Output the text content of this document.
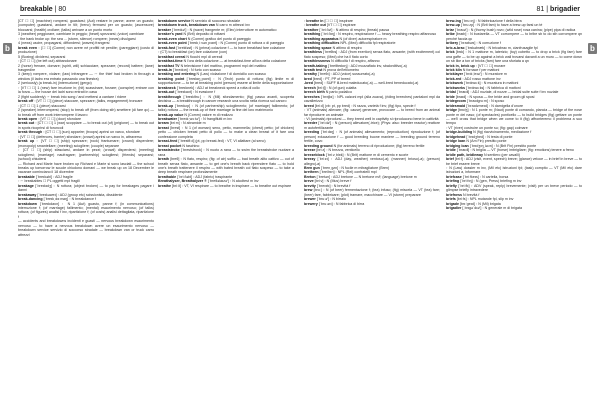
breakable | 80	81 | brigadier
b	b

[CT ☐ ☐] (machine) rompersi, guastarsi; (Aut) restare in panne; avere un guasto; (computer) guastarsi, andare in tilt; (treno) fermarsi per un guasto; (ascensore) bloccarsi; (health) crollare; (talks) arrivare a un punto morto

3 (weather) peggiorare, cambiare in peggio; (heart) spezzarsi; (voice) cambiare

◦ the bank broke up: the sea ... (storm, silence) rompere; (news) divulgarsi

4 (news) uscire, propagarsi, diffondersi; (waves) frangersi

break even ◦ [☐ ☐] (Comm) non avere né profitti né perdite; (pareggiare) (costo di produzione)

5 (Boxing) dividersi, separarsi

◦ [CT ☐ ☐] (be left out) abbandonare

2 (horse) frenare, domare; (spirit, will) schiacciare, spezzare; (record) battere; (lane) trasgredire

3 (keep) rompere, violare; (law) infrangere — ☞ the thief had broken in through a window (il ladro era entrato passando una finestra)

2 (seriously) (a break-in) (interruzione) (gergo)

◦ [VT ☐ ☐] 1 (new) fare irruzione in; (hit) scassinare, forzare; (conspire) entrare con la forza — the house dei ladri sono entrati in casa

2 (fight suddenly) ☞ break into song / and mettersi a cantare / ridere

break off ◦ [VT ☐ ☐] (piece) staccare, spezzare; (talks, engagement) troncare

◦ [CT ☐ ☐] 1 (piece) staccarsi

2 (speaker) interrompersi; (stop) to break off (from doing sth) smettere (di fare qc) — to break off from work interrompere il lavoro

break open ◦ [VT ☐ ☐] (door) sfondare

break out ◦ [CT ☐ ☐] 1 (war) scoppiare — to break out (of) (prigione) — to break out in spots ricoprirsi di foruncoli

break through ◦ [CT ☐ ☐] (sun) apparire; (troops) aprirsi un varco, sfondare

◦ [VT ☐ ☐] (defences, barrier) sfondare; (crowd) aprirsi un varco in, attraverso

break up ◦ [VT ☐ ☐] (ship) spezzare; (rock) frantumare; (crowd) disperdere; (monopoly) smantellare; (meeting) sciogliere; (couple) separare

◦ [CT ☐ ☐] (ship) sfasciarsi, andare in pezzi; (crowd) disperdersi; (meeting) sciogliersi; (marriage) naufragare; (partnership) sciogliersi; (friends) separarsi; (school) chiudersi

— Richard and Marie have broken up Richard e Marie si sono lasciati — the school breaks up tomorrow le scuole chiudono domani — we break up on 18 December le vacanze cominciano il 18 dicembre

breakable [ˈbreɪkəbl] ◦ ADJ fragile

◦ ☞ breakables ☐ PL oggetti mpl fragili

breakage [ˈbreɪkɪdʒ] ◦ N rottura; (object broken) — to pay for breakages pagare i danni

breakaway [ˈbreɪkəweɪ] ◦ ADJ (group etc) scissionista, dissidente

break-dancing [ˈbreɪkˌdɑːnsɪŋ] ◦ N breakdance f

breakdown [ˈbreɪkdaʊn] ◦ N 1 (Aut) guasto, panne f; (in communications) interruzione f; (of marriage) fallimento; (mental) esaurimento nervoso; (of talks) rottura; (of figures) analisi f inv, ripartizione f; (of costs) analisi dettagliata, ripartizione f

— accidents and breakdowns incidenti e guasti — nervous breakdown esaurimento nervoso — to have a nervous breakdown avere un esaurimento nervoso — breakdown service servizio di soccorso stradale — breakdown van or truck carro attrezzi

breakdown service N servizio di soccorso stradale

breakdown truck, breakdown van N carro m attrezzi inv

breaker [ˈbreɪkəʳ] ◦ N (wave) frangente m; (Elec) interruttore m automatico

breaker's yard N (Brit) deposito di rottami

break-even chart N (Comm) grafico del punto di pareggio

break-even point [ˈbreɪkˌiːvənˌpɔɪnt] ◦ N (Comm) punto di rottura o di pareggio

break-fast [ˈbrekfəst] ◦ N (prima) colazione f — to have breakfast fare colazione

◦ (CT) to breakfast (on) fare colazione (con)

breakfast cereal N fiocchi mpl di cereali

breakfast-time N l'ora della colazione — at breakfast-time all'ora della colazione

breakfast TV N televisione f del mattino, programmi mpl del mattino

break-in [ˈbreɪkɪn] ◦ N furto con scasso

breaking and entering N (Law) violazione f di domicilio con scasso

breaking point [ˈbreɪkɪŋˌpɔɪnt] ◦ N (Tech) punto di rottura; (fig) limite m di sopportazione — to be at breaking point (person) essere al limite della sopportazione

breakneck [ˈbreɪknek] ◦ ADJ at breakneck speed a rotta di collo

break-out [ˈbreɪkaʊt] ◦ N evasione f

breakthrough [ˈbreɪkθruː] ◦ N (Mil) sfondamento; (fig) passo avanti, scoperta decisiva — a breakthrough in cancer research una svolta nella ricerca sul cancro

break-up [ˈbreɪkʌp] ◦ N (of partnership) scioglimento; (of marriage) fallimento; (of talks) rottura — the break-up of their marriage la fine del loro matrimonio

break-up value N (Comm) valore m di realizzo

breakwater [ˈbreɪkˌwɔːtəʳ] ◦ N frangiflutti m inv

bream [briːm] ◦ N abramide m

breast [brest] ◦ N 1 (of woman) seno, petto, mammella; (chest) petto; (of chicken) petto — chicken breast petto di pollo — to make a clean breast of it fare una confessione completa

breast-feed [ˈbrestfiːd] (pt, pp breast-fed) ◦ VT, VI allattare (al seno)

breast pocket N taschino

breaststroke [ˈbreststroʊk] ◦ N nuoto a rana — to swim the breaststroke nuotare a rana

breath [breθ] ◦ N fiato, respiro; (fig: of air) soffio — bad breath alito cattivo — out of breath senza fiato, ansante — to get one's breath back riprendere fiato — to hold one's breath trattenere il respiro — with bated breath col fiato sospeso — to take a deep breath respirare profondamente

breathable [ˈbriːðəbl] ◦ ADJ (fabric) traspirante

Breathalyser, Breathalyzer ® [ˈbreθəlaɪzəʳ] ◦ N alcoltest m inv

breathe [briːð] ◦ VT, VI respirare — to breathe in inspirare — to breathe out espirare

◦ breathe in [☐ ☐ ☐] inspirare

◦ breathe out [VT ☐ ☐] espirare

breather [ˈbriːðəʳ] ◦ N attimo di respiro; (break) pausa

breathing [ˈbriːðɪŋ] ◦ N respiro, respirazione f — heavy breathing respiro affannoso

breathing apparatus N (of diver) autorespiratore m

breathing difficulties NPL (Med) difficoltà fpl respiratorie

breathing space N attimo di respiro

breathless [ˈbreθlɪs] ◦ ADJ (from exertion) senza fiato, ansante; (with excitement) col fiato sospeso; (Med) che ha il fiato corto

breathlessness N difficoltà f di respiro, affanno

breath-taking [ˈbreθteɪkɪŋ] ◦ ADJ mozzafiato inv, sbalorditivo(-a)

breath test N prova dell'etilometro

breathy [ˈbreθɪ] ◦ ADJ (voice) sussurrato(-a)

bred [bred] ◦ PT, PP of breed

-bred [bred] ◦ SUFF ill-bred maleducato(-a) — well-bred beneducato(-a)

breech [briːtʃ] ◦ N (of gun) culatta

breech birth N parto podalico

breeches [ˈbrɪtʃɪz] ◦ NPL calzoni mpl (alla zuava), (riding breeches) pantaloni mpl da cavallerizzo

breed [briːd] (vb: pt, pp bred) ◦ N razza, varietà f inv; (fig) tipo, specie f

◦ VT (animals) allevare; (fig: cause) generare, provocare — to breed from an animal far riprodurre un animale

◦ VI (animals) riprodursi — they breed well in captivity si riproducono bene in cattività

breeder [ˈbriːdəʳ] ◦ N (person) allevatore(-trice); (Phys: also: breeder reactor) reattore m autofertilizzante

breeding [ˈbriːdɪŋ] ◦ N (of animals) allevamento; (reproduction) riproduzione f; (of person) educazione f — good breeding buone maniere — breeding ground terreno fertile, covo

breeding ground N (for animals) terreno di riproduzione; (fig) terreno fertile

breeze [briːz] ◦ N brezza, venticello

breezeblock [ˈbriːzˌblɒk] ◦ N (Brit) mattone m di cemento e scorie

breezy [ˈbriːzɪ] ◦ ADJ (day, weather) ventoso(-a); (manner) brioso(-a); (person) allegro(-a)

Bren gun [ˈbrenˌgʌn] ◦ N fucile m mitragliatore (Bren)

brethren [ˈbreðrɪn] ◦ NPL (Rel) confratelli mpl

Breton [ˈbretən] ◦ ADJ bretone — N bretone m/f; (language) bretone m

breve [briːv] ◦ N (Mus) breve f

brevity [ˈbrevɪtɪ] ◦ N brevità f

brew [bruː] ◦ N (of beer) fermentazione f; (tea) infuso; (fig) miscela — VT (tea) fare; (beer) fare, fabbricare; (plot) tramare, macchinare — VI (storm) preparare

brewer [ˈbruːəʳ] ◦ N birraio

brewery [ˈbruːərɪ] ◦ N fabbrica di birra

brew-ing [ˈbruːɪŋ] ◦ N fabbricazione f della birra

brew-up [ˈbruːʌp] ◦ N (Brit fam) to have a brew-up farsi un tè

briar [ˈbraɪəʳ] ◦ N (thorny bush) rovo; (wild rose) rosa canina; (pipe) pipa di radica

bribe [braɪb] ◦ N bustarella — VT corrompere — to bribe sb to do sth corrompere qn perché faccia qc

bribery [ˈbraɪbərɪ] ◦ N corruzione f

bric-a-brac [ˈbrɪkəbræk] ◦ N bricabrac m, cianfrusaglie fpl

brick [brɪk] ◦ N 1 mattone m, laterizio; (toy) cubetto — to drop a brick (fig fam) fare una gaffe — to be up against a brick wall trovarsi davanti a un muro — to come down on sb like a ton of bricks (fam) fare una sfuriata a qn

brick in, brick up ◦ [VT ☐ ☐] murare

brick kiln N fornace f per mattoni

bricklayer [ˈbrɪkˌleɪəʳ] ◦ N muratore m

brick-red ◦ ADJ rosso mattone inv

brickwork [ˈbrɪkwɜːk] ◦ N muratura in mattoni

brickworks [ˈbrɪkwɜːks] ◦ N fabbrica di mattoni

bridal [ˈbraɪdl] ◦ ADJ nuziale, di nozze — bridal suite suite f inv nuziale

bride [braɪd] ◦ N sposa — the bride and groom gli sposi

bridegroom [ˈbraɪdgruːm] ◦ N sposo

bridesmaid [ˈbraɪdzmeɪd] ◦ N damigella d'onore

bridge [brɪdʒ] ◦ N 1 ponte m; (Naut) ponte di comando, plancia — bridge of the nose ponte m del naso; (of spectacles) ponticello — to build bridges (fig) gettare un ponte — we'll cross that bridge when we come to it (fig) affronteremo il problema a suo tempo

◦ VT (river) costruire un ponte su; (fig: gap) colmare

bridge-building N (fig) riavvicinamento, mediazione f

bridgehead [ˈbrɪdʒhed] ◦ N testa di ponte

bridge loan N (Am Fin) prestito ponte

bridging loan [ˈbrɪdʒɪŋˌləʊn] ◦ N (Brit Fin) prestito ponte

bridle [ˈbraɪdl] ◦ N briglia — VT (horse) imbrigliare; (fig: emotions) tenere a freno

bridle path, bridleway N sentiero (per cavalli)

brief [briːf] ◦ ADJ (visit, event, speech) breve; (glance) veloce — in brief in breve — to be brief essere breve

◦ N (Law) dossier m inv, (Mil etc) istruzioni fpl; (task) compito — VT (Mil etc) dare istruzioni a, informare

briefcase [ˈbriːfkeɪs] ◦ N cartella, borsa

briefing [ˈbriːfɪŋ] ◦ N (gen, Press) briefing m inv

briefly [ˈbriːflɪ] ◦ ADV (speak, reply) brevemente; (visit) per un breve periodo — to glimpse briefly intravedere

briefness N brevità f

briefs [briːfs] ◦ NPL mutande fpl, slip m inv

brigade [brɪˈgeɪd] ◦ N (Mil) brigata

brigadier [ˌbrɪgəˈdɪəʳ] ◦ N generale m di brigata
